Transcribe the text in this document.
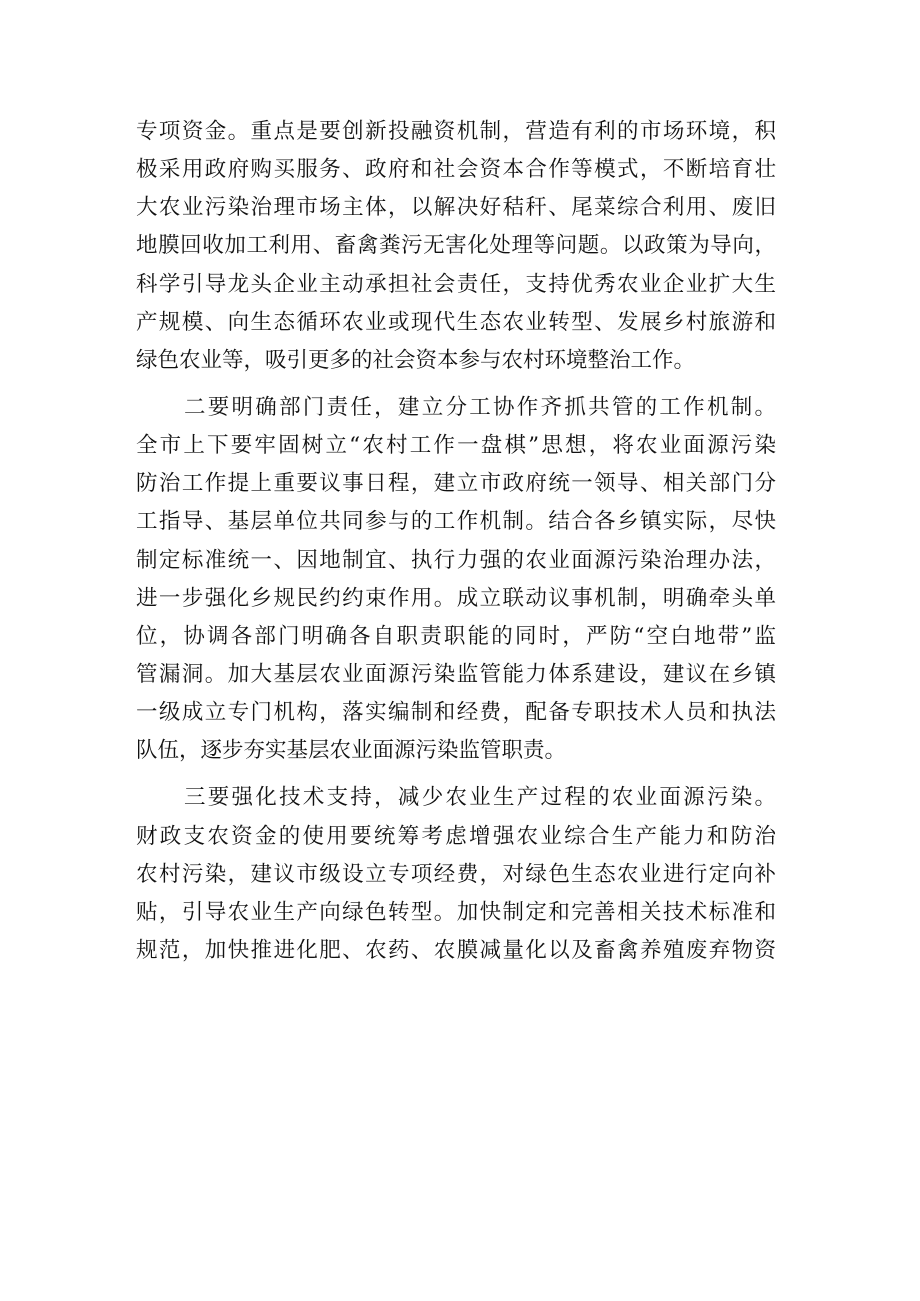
专项资金。重点是要创新投融资机制，营造有利的市场环境，积
极采用政府购买服务、政府和社会资本合作等模式，不断培育壮
大农业污染治理市场主体，以解决好秸秆、尾菜综合利用、废旧
地膜回收加工利用、畜禽粪污无害化处理等问题。以政策为导向，
科学引导龙头企业主动承担社会责任，支持优秀农业企业扩大生
产规模、向生态循环农业或现代生态农业转型、发展乡村旅游和
绿色农业等，吸引更多的社会资本参与农村环境整治工作。
二要明确部门责任，建立分工协作齐抓共管的工作机制。
全市上下要牢固树立“农村工作一盘棋”思想，将农业面源污染
防治工作提上重要议事日程，建立市政府统一领导、相关部门分
工指导、基层单位共同参与的工作机制。结合各乡镇实际，尽快
制定标准统一、因地制宜、执行力强的农业面源污染治理办法，
进一步强化乡规民约约束作用。成立联动议事机制，明确牵头单
位，协调各部门明确各自职责职能的同时，严防“空白地带”监
管漏洞。加大基层农业面源污染监管能力体系建设，建议在乡镇
一级成立专门机构，落实编制和经费，配备专职技术人员和执法
队伍，逐步夯实基层农业面源污染监管职责。
三要强化技术支持，减少农业生产过程的农业面源污染。
财政支农资金的使用要统筹考虑增强农业综合生产能力和防治
农村污染，建议市级设立专项经费，对绿色生态农业进行定向补
贴，引导农业生产向绿色转型。加快制定和完善相关技术标准和
规范，加快推进化肥、农药、农膜减量化以及畜禽养殖废弃物资
